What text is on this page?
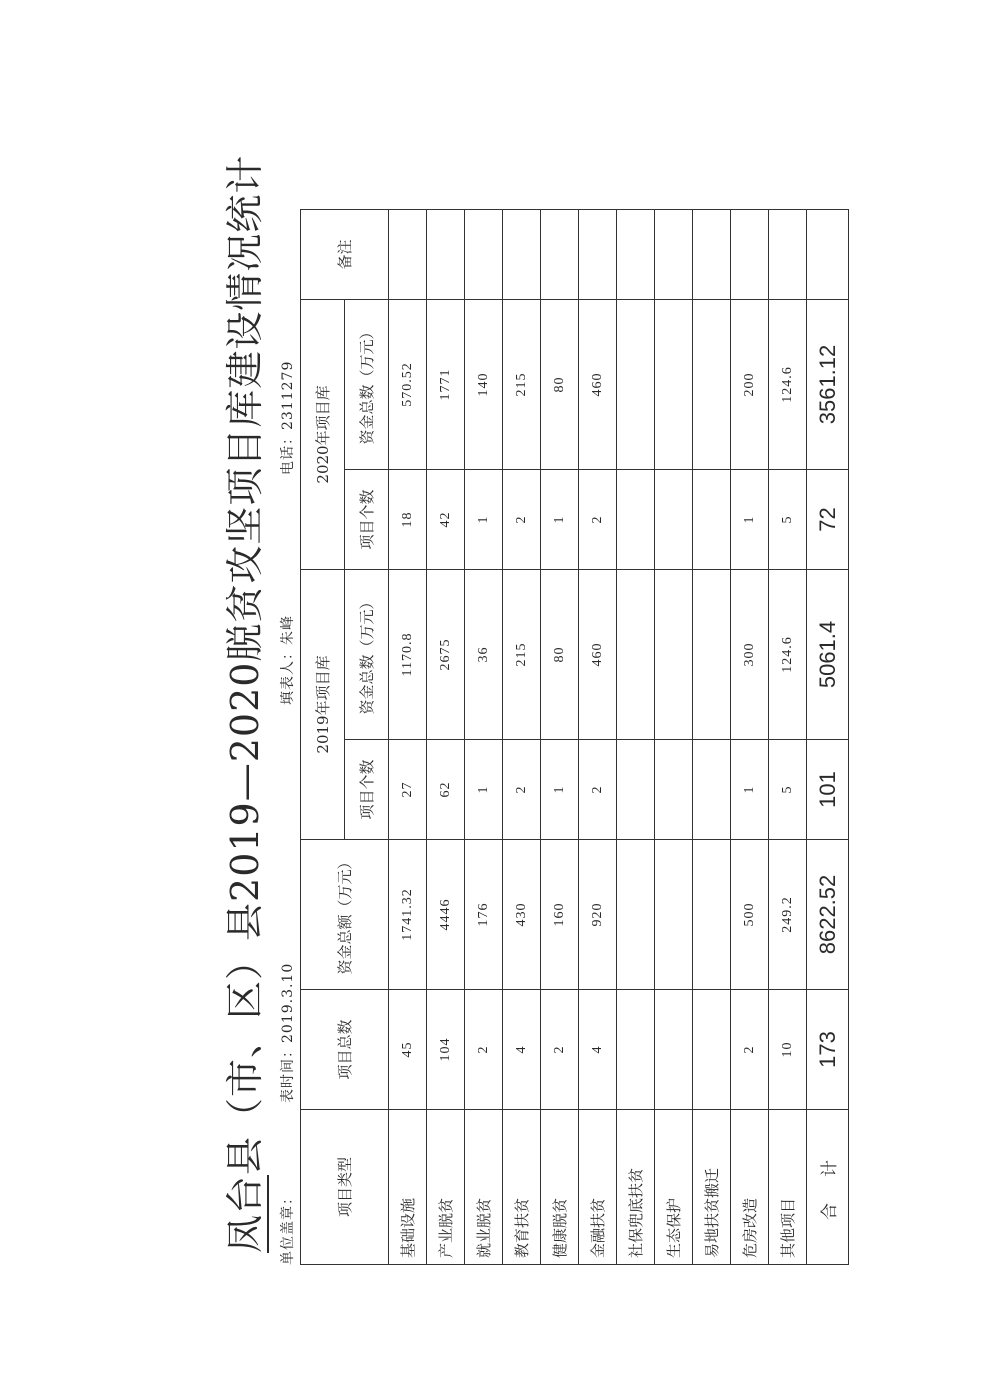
凤台县（市、区）县2019—2020脱贫攻坚项目库建设情况统计
单位盖章：
表时间：2019.3.10
填表人：朱峰
电话：2311279
项目类型	项目总数	资金总额（万元）	2019年项目库		2020年项目库		备注
			项目个数	资金总数（万元）	项目个数	资金总数（万元）	
基础设施	45	1741.32	27	1170.8	18	570.52	
产业脱贫	104	4446	62	2675	42	1771	
就业脱贫	2	176	1	36	1	140	
教育扶贫	4	430	2	215	2	215	
健康脱贫	2	160	1	80	1	80	
金融扶贫	4	920	2	460	2	460	
社保兜底扶贫							
生态保护							
易地扶贫搬迁							
危房改造	2	500	1	300	1	200	
其他项目	10	249.2	5	124.6	5	124.6	
合计	173	8622.52	101	5061.4	72	3561.12	
